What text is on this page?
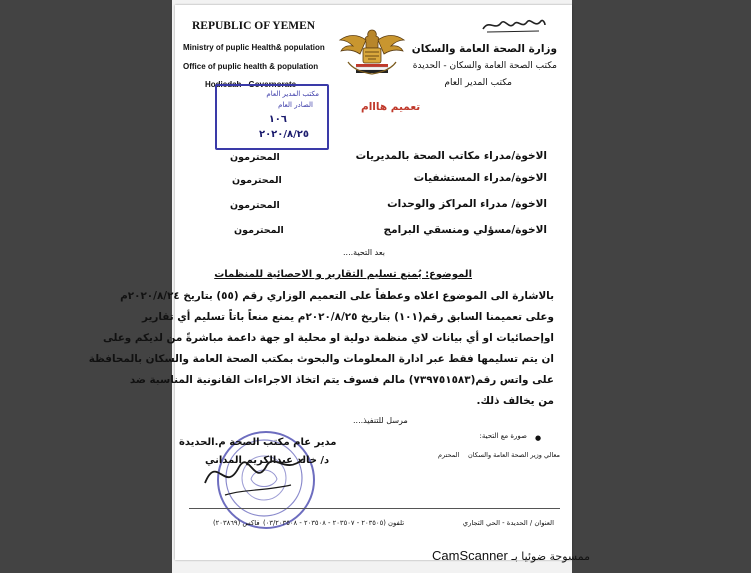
REPUBLIC OF YEMEN
Ministry of puplic Health& population
Office of puplic health & population
Hodiedah - Governorate
وزارة الصحة العامة والسكان
مكتب الصحة العامة والسكان - الحديدة
مكتب المدير العام
تعميم هااام
مكتب المدير العام
الصادر العام
١٠٦
٢٠٢٠/٨/٢٥
الاخوة/مدراء مكاتب الصحة بالمديريات
المحترمون
الاخوة/مدراء المستشفيات
المحترمون
الاخوة/ مدراء المراكز والوحدات
المحترمون
الاخوة/مسؤلي ومنسقي البرامج
المحترمون
بعد التحية....
الموضوع: يُمنع تسليم التقارير و الاحصائية للمنظمات
بالاشارة الى الموضوع اعلاه وعطفاً على التعميم الوزاري رقم (٥٥) بتاريخ ٢٠٢٠/٨/٢٤م
وعلى تعميمنا السابق رقم(١٠١) بتاريخ ٢٠٢٠/٨/٢٥م يمنع منعاً باتاً تسليم أي تقارير
اوإحصائيات او أي بيانات لاي منظمة دولية او محلية او جهة داعمة مباشرةً من لديكم وعلى
ان يتم تسليمها فقط عبر ادارة المعلومات والبحوث بمكتب الصحة العامة والسكان بالمحافظة
على واتس رقم(٧٣٩٧٥١٥٨٣) مالم فسوف يتم اتخاذ الاجراءات القانونية المناسبة ضد
من يخالف ذلك.
مرسل للتنفيذ....
●
صورة مع التحية:
معالي وزير الصحة العامة والسكان
المحترم
مدير عام مكتب الصحة م.الحديدة
د/ خالد عبدالكريم المداني
العنوان / الحديدة - الحي التجاري
تلفون (٢٠٣٥٠٥ - ٢٠٣٥٠٧ - ٢٠٣٥٠٨ - ٠٣/٢٠٣٥٠٨)
فاكس (٢٠٣٨٦٩)
CamScanner ممسوحة ضوئيا بـ
